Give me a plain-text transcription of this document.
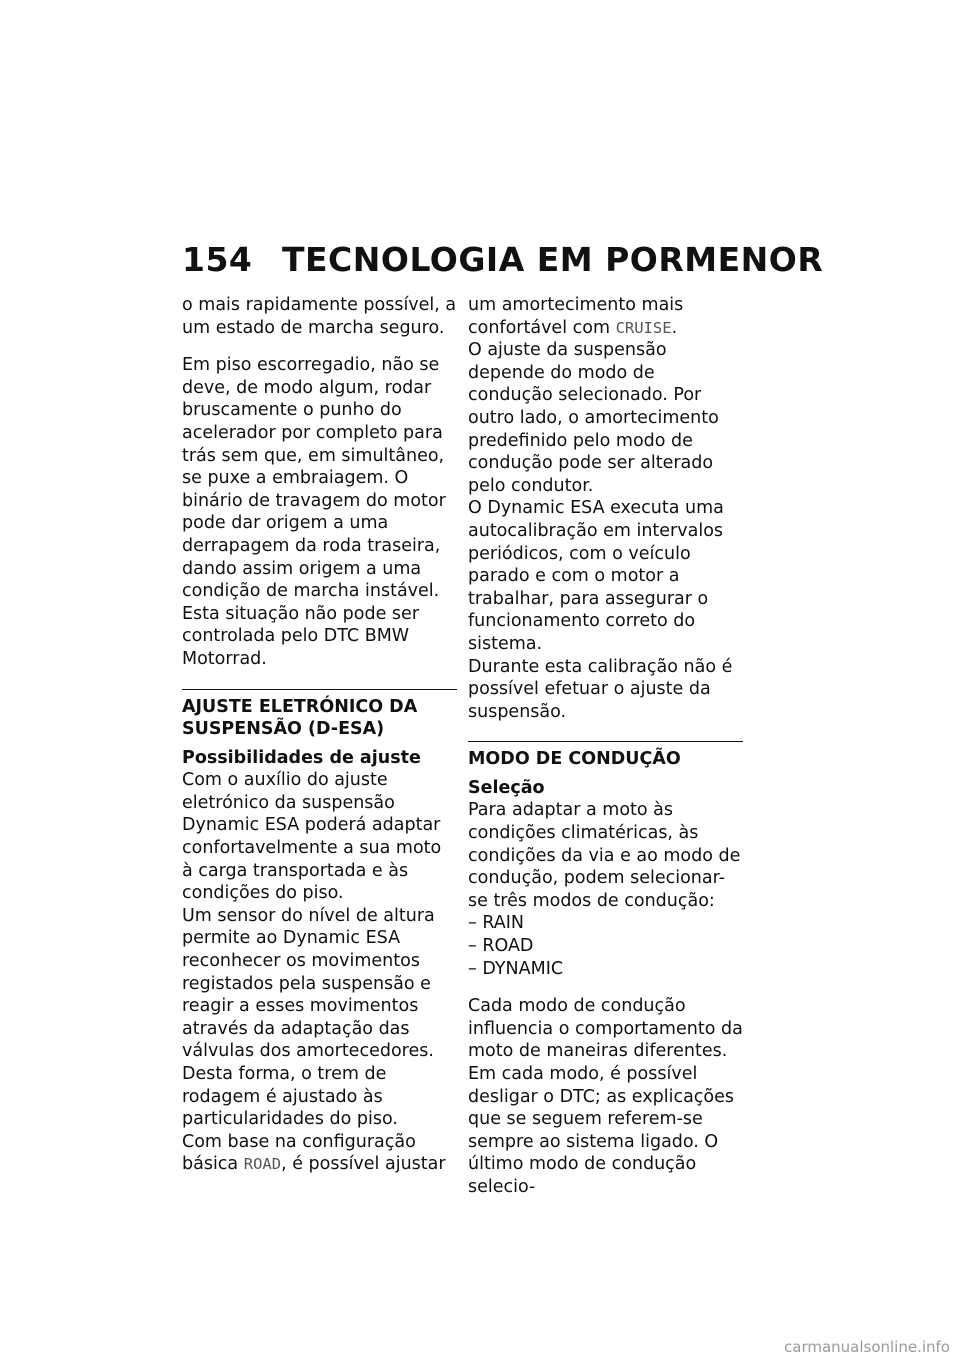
154 TECNOLOGIA EM PORMENOR

o mais rapidamente possível, a um estado de marcha seguro.

Em piso escorregadio, não se deve, de modo algum, rodar bruscamente o punho do acelerador por completo para trás sem que, em simultâneo, se puxe a embraiagem. O binário de travagem do motor pode dar origem a uma derrapagem da roda traseira, dando assim origem a uma condição de marcha instável. Esta situação não pode ser controlada pelo DTC BMW Motorrad.

AJUSTE ELETRÓNICO DA SUSPENSÃO (D-ESA)
Possibilidades de ajuste

Com o auxílio do ajuste eletrónico da suspensão Dynamic ESA poderá adaptar confortavelmente a sua moto à carga transportada e às condições do piso.

Um sensor do nível de altura permite ao Dynamic ESA reconhecer os movimentos registados pela suspensão e reagir a esses movimentos através da adaptação das válvulas dos amortecedores. Desta forma, o trem de rodagem é ajustado às particularidades do piso.

Com base na configuração básica ROAD, é possível ajustar

um amortecimento mais confortável com CRUISE.

O ajuste da suspensão depende do modo de condução selecionado. Por outro lado, o amortecimento predefinido pelo modo de condução pode ser alterado pelo condutor.

O Dynamic ESA executa uma autocalibração em intervalos periódicos, com o veículo parado e com o motor a trabalhar, para assegurar o funcionamento correto do sistema.

Durante esta calibração não é possível efetuar o ajuste da suspensão.

MODO DE CONDUÇÃO
Seleção

Para adaptar a moto às condições climatéricas, às condições da via e ao modo de condução, podem selecionar-se três modos de condução:

– RAIN
– ROAD
– DYNAMIC

Cada modo de condução influencia o comportamento da moto de maneiras diferentes. Em cada modo, é possível desligar o DTC; as explicações que se seguem referem-se sempre ao sistema ligado. O último modo de condução selecio-

carmanualsonline.info
